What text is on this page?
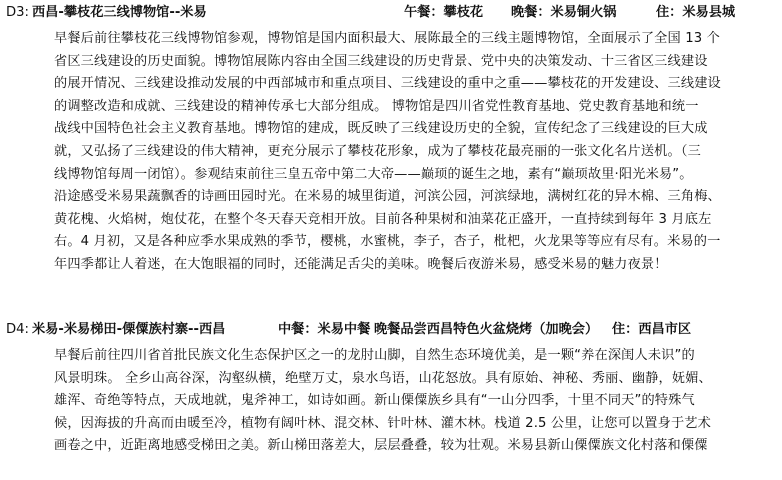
D3: 西昌-攀枝花三线博物馆--米易	午餐：攀枝花 晚餐：米易铜火锅	住：米易县城

早餐后前往攀枝花三线博物馆参观，博物馆是国内面积最大、展陈最全的三线主题博物馆，全面展示了全国 13 个
省区三线建设的历史面貌。博物馆展陈内容由全国三线建设的历史背景、党中央的决策发动、十三省区三线建设
的展开情况、三线建设推动发展的中西部城市和重点项目、三线建设的重中之重——攀枝花的开发建设、三线建设
的调整改造和成就、三线建设的精神传承七大部分组成。 博物馆是四川省党性教育基地、党史教育基地和统一
战线中国特色社会主义教育基地。博物馆的建成，既反映了三线建设历史的全貌，宣传纪念了三线建设的巨大成
就，又弘扬了三线建设的伟大精神，更充分展示了攀枝花形象，成为了攀枝花最亮丽的一张文化名片送机。（三
线博物馆每周一闭馆）。参观结束前往三皇五帝中第二大帝——巅顼的诞生之地，素有“巅顼故里·阳光米易”。
沿途感受米易果蔬飘香的诗画田园时光。在米易的城里街道，河滨公园，河滨绿地，满树红花的异木棉、三角梅、
黄花槐、火焰树，炮仗花，在整个冬天春天竞相开放。目前各种果树和油菜花正盛开，一直持续到每年 3 月底左
右。4 月初，又是各种应季水果成熟的季节，樱桃，水蜜桃，李子，杏子，枇杷，火龙果等等应有尽有。米易的一
年四季都让人着迷，在大饱眼福的同时，还能满足舌尖的美味。晚餐后夜游米易，感受米易的魅力夜景！

D4: 米易-米易梯田-傈僳族村寨--西昌	中餐：米易中餐 晚餐品尝西昌特色火盆烧烤（加晚会） 住：西昌市区

早餐后前往四川省首批民族文化生态保护区之一的龙肘山脚，自然生态环境优美，是一颗“养在深闺人未识”的
风景明珠。 全乡山高谷深，沟壑纵横，绝壁万丈，泉水鸟语，山花怒放。具有原始、神秘、秀丽、幽静，妩媚、
雄浑、奇绝等特点，天成地就，鬼斧神工，如诗如画。新山傈僳族乡具有“一山分四季，十里不同天”的特殊气
候，因海拔的升高而由暖至冷，植物有阔叶林、混交林、针叶林、灌木林。栈道 2.5 公里，让您可以置身于艺术
画卷之中，近距离地感受梯田之美。新山梯田落差大，层层叠叠，较为壮观。米易县新山傈僳族文化村落和傈僳
